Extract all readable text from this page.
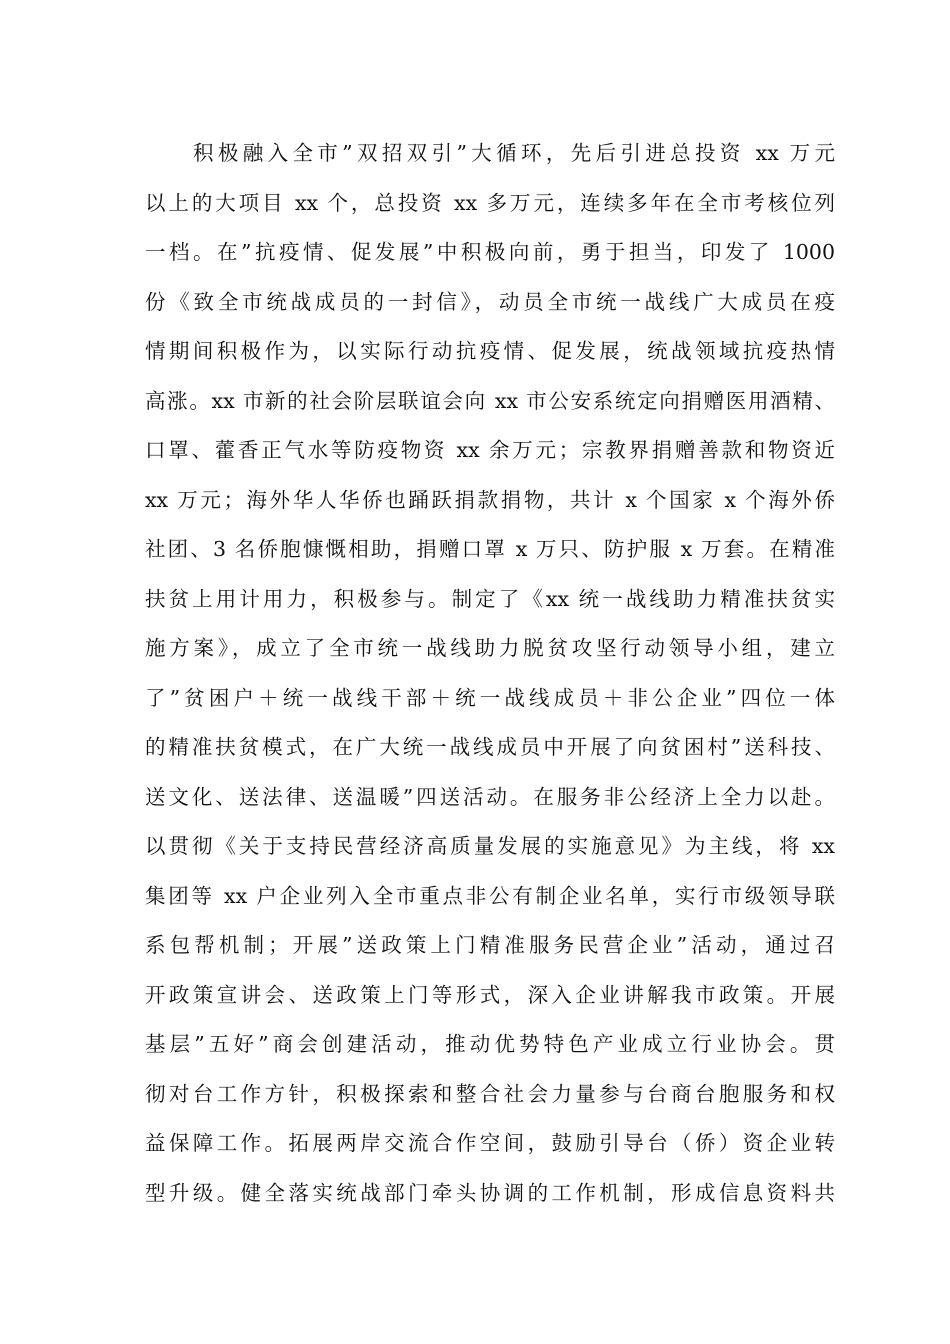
积极融入全市”双招双引”大循环，先后引进总投资 xx 万元
以上的大项目 xx 个，总投资 xx 多万元，连续多年在全市考核位列
一档。在”抗疫情、促发展”中积极向前，勇于担当，印发了 1000
份《致全市统战成员的一封信》，动员全市统一战线广大成员在疫
情期间积极作为，以实际行动抗疫情、促发展，统战领域抗疫热情
高涨。xx 市新的社会阶层联谊会向 xx 市公安系统定向捐赠医用酒精、
口罩、藿香正气水等防疫物资 xx 余万元；宗教界捐赠善款和物资近
xx 万元；海外华人华侨也踊跃捐款捐物，共计 x 个国家 x 个海外侨
社团、3 名侨胞慷慨相助，捐赠口罩 x 万只、防护服 x 万套。在精准
扶贫上用计用力，积极参与。制定了《xx 统一战线助力精准扶贫实
施方案》，成立了全市统一战线助力脱贫攻坚行动领导小组，建立
了”贫困户＋统一战线干部＋统一战线成员＋非公企业”四位一体
的精准扶贫模式，在广大统一战线成员中开展了向贫困村”送科技、
送文化、送法律、送温暖”四送活动。在服务非公经济上全力以赴。
以贯彻《关于支持民营经济高质量发展的实施意见》为主线，将 xx
集团等 xx 户企业列入全市重点非公有制企业名单，实行市级领导联
系包帮机制；开展”送政策上门精准服务民营企业”活动，通过召
开政策宣讲会、送政策上门等形式，深入企业讲解我市政策。开展
基层”五好”商会创建活动，推动优势特色产业成立行业协会。贯
彻对台工作方针，积极探索和整合社会力量参与台商台胞服务和权
益保障工作。拓展两岸交流合作空间，鼓励引导台（侨）资企业转
型升级。健全落实统战部门牵头协调的工作机制，形成信息资料共
